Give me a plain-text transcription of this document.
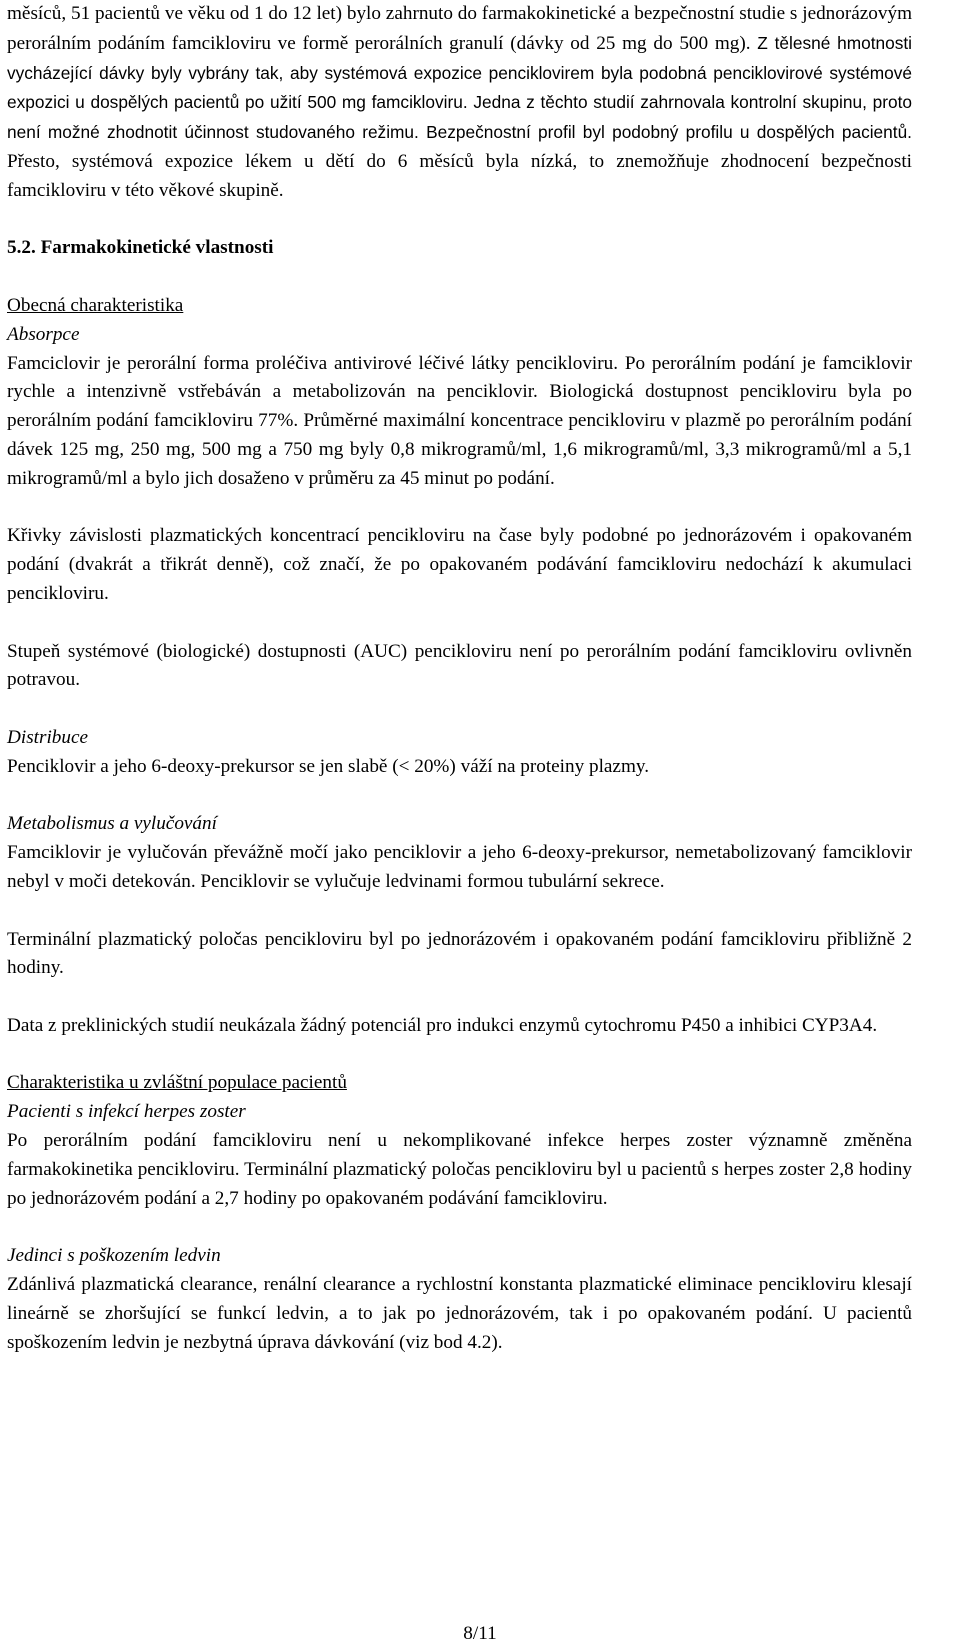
měsíců, 51 pacientů ve věku od 1 do 12 let) bylo zahrnuto do farmakokinetické a bezpečnostní studie s jednorázovým perorálním podáním famcikloviru ve formě perorálních granulí (dávky od 25 mg do 500 mg). Z tělesné hmotnosti vycházející dávky byly vybrány tak, aby systémová expozice penciklovirem byla podobná penciklovirové systémové expozici u dospělých pacientů po užití 500 mg famcikloviru. Jedna z těchto studií zahrnovala kontrolní skupinu, proto není možné zhodnotit účinnost studovaného režimu. Bezpečnostní profil byl podobný profilu u dospělých pacientů. Přesto, systémová expozice lékem u dětí do 6 měsíců byla nízká, to znemožňuje zhodnocení bezpečnosti famcikloviru v této věkové skupině.

5.2. Farmakokinetické vlastnosti
Obecná charakteristika
Absorpce

Famciclovir je perorální forma proléčiva antivirové léčivé látky pencikloviru. Po perorálním podání je famciklovir rychle a intenzivně vstřebáván a metabolizován na penciklovir. Biologická dostupnost pencikloviru byla po perorálním podání famcikloviru 77%. Průměrné maximální koncentrace pencikloviru v plazmě po perorálním podání dávek 125 mg, 250 mg, 500 mg a 750 mg byly 0,8 mikrogramů/ml, 1,6 mikrogramů/ml, 3,3 mikrogramů/ml a 5,1 mikrogramů/ml a bylo jich dosaženo v průměru za 45 minut po podání.

Křivky závislosti plazmatických koncentrací pencikloviru na čase byly podobné po jednorázovém i opakovaném podání (dvakrát a třikrát denně), což značí, že po opakovaném podávání famcikloviru nedochází k akumulaci pencikloviru.

Stupeň systémové (biologické) dostupnosti (AUC) pencikloviru není po perorálním podání famcikloviru ovlivněn potravou.

Distribuce

Penciklovir a jeho 6-deoxy-prekursor se jen slabě (< 20%) váží na proteiny plazmy.

Metabolismus a vylučování

Famciklovir je vylučován převážně močí jako penciklovir a jeho 6-deoxy-prekursor, nemetabolizovaný famciklovir nebyl v moči detekován. Penciklovir se vylučuje ledvinami formou tubulární sekrece.

Terminální plazmatický poločas pencikloviru byl po jednorázovém i opakovaném podání famcikloviru přibližně 2 hodiny.

Data z preklinických studií neukázala žádný potenciál pro indukci enzymů cytochromu P450 a inhibici CYP3A4.

Charakteristika u zvláštní populace pacientů
Pacienti s infekcí herpes zoster

Po perorálním podání famcikloviru není u nekomplikované infekce herpes zoster významně změněna farmakokinetika pencikloviru. Terminální plazmatický poločas pencikloviru byl u pacientů s herpes zoster 2,8 hodiny po jednorázovém podání a 2,7 hodiny po opakovaném podávání famcikloviru.

Jedinci s poškozením ledvin

Zdánlivá plazmatická clearance, renální clearance a rychlostní konstanta plazmatické eliminace pencikloviru klesají lineárně se zhoršující se funkcí ledvin, a to jak po jednorázovém, tak i po opakovaném podání. U pacientů spoškozením ledvin je nezbytná úprava dávkování (viz bod 4.2).

8/11
